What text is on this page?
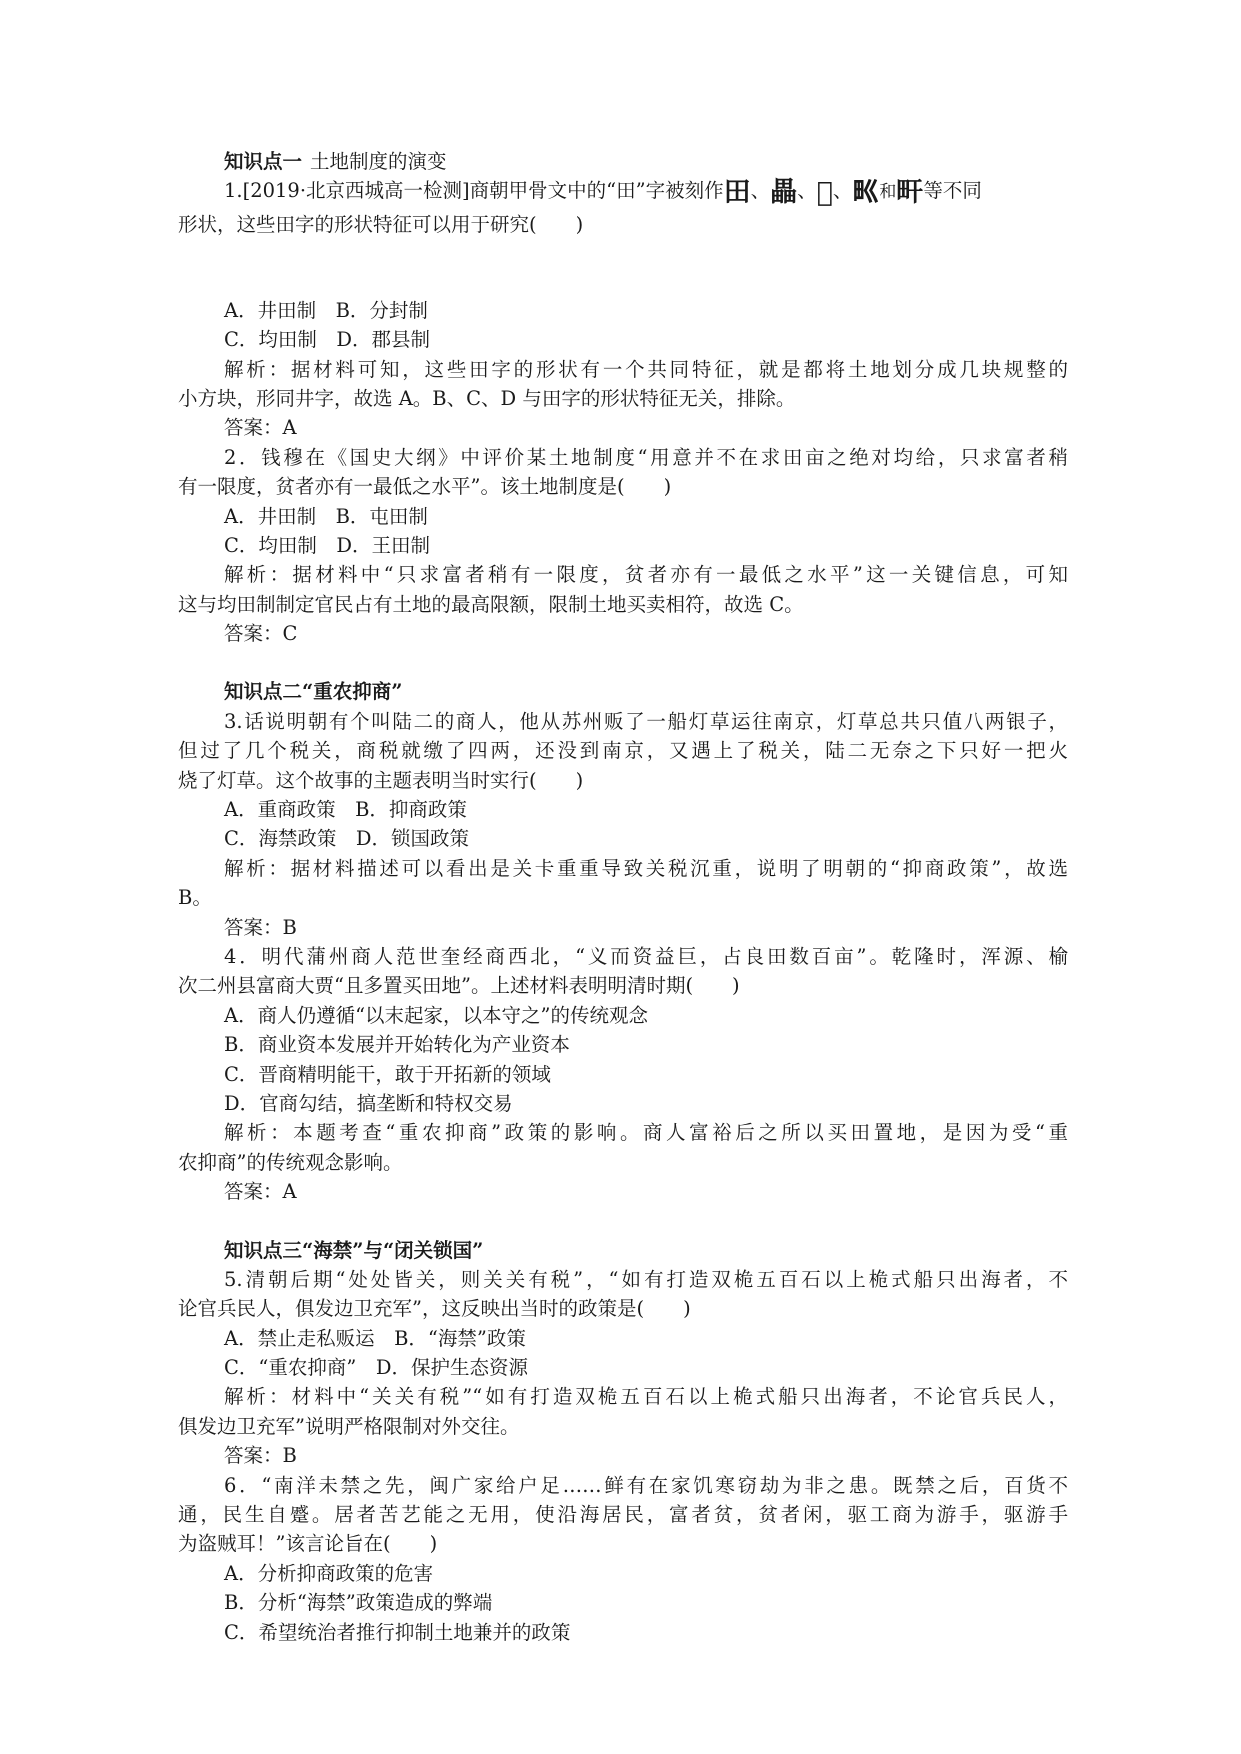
知识点一 土地制度的演变
1.[2019·北京西城高一检测]商朝甲骨文中的“田”字被刻作田、畾、𤰔、𤰕和𤰟等不同
形状，这些田字的形状特征可以用于研究(　　)
A．井田制　B．分封制
C．均田制　D．郡县制
解析：据材料可知，这些田字的形状有一个共同特征，就是都将土地划分成几块规整的
小方块，形同井字，故选 A。B、C、D 与田字的形状特征无关，排除。
答案：A
2．钱穆在《国史大纲》中评价某土地制度“用意并不在求田亩之绝对均给，只求富者稍
有一限度，贫者亦有一最低之水平”。该土地制度是(　　)
A．井田制　B．屯田制
C．均田制　D．王田制
解析：据材料中“只求富者稍有一限度，贫者亦有一最低之水平”这一关键信息，可知
这与均田制制定官民占有土地的最高限额，限制土地买卖相符，故选 C。
答案：C
知识点二“重农抑商”
3.话说明朝有个叫陆二的商人，他从苏州贩了一船灯草运往南京，灯草总共只值八两银子，
但过了几个税关，商税就缴了四两，还没到南京，又遇上了税关，陆二无奈之下只好一把火
烧了灯草。这个故事的主题表明当时实行(　　)
A．重商政策　B．抑商政策
C．海禁政策　D．锁国政策
解析：据材料描述可以看出是关卡重重导致关税沉重，说明了明朝的“抑商政策”，故选
B。
答案：B
4．明代蒲州商人范世奎经商西北，“义而资益巨，占良田数百亩”。乾隆时，浑源、榆
次二州县富商大贾“且多置买田地”。上述材料表明明清时期(　　)
A．商人仍遵循“以末起家，以本守之”的传统观念
B．商业资本发展并开始转化为产业资本
C．晋商精明能干，敢于开拓新的领域
D．官商勾结，搞垄断和特权交易
解析：本题考查“重农抑商”政策的影响。商人富裕后之所以买田置地，是因为受“重
农抑商”的传统观念影响。
答案：A
知识点三“海禁”与“闭关锁国”
5.清朝后期“处处皆关，则关关有税”，“如有打造双桅五百石以上桅式船只出海者，不
论官兵民人，俱发边卫充军”，这反映出当时的政策是(　　)
A．禁止走私贩运　B．“海禁”政策
C．“重农抑商”　D．保护生态资源
解析：材料中“关关有税”“如有打造双桅五百石以上桅式船只出海者，不论官兵民人，
俱发边卫充军”说明严格限制对外交往。
答案：B
6．“南洋未禁之先，闽广家给户足……鲜有在家饥寒窃劫为非之患。既禁之后，百货不
通，民生自蹙。居者苦艺能之无用，使沿海居民，富者贫，贫者闲，驱工商为游手，驱游手
为盗贼耳！”该言论旨在(　　)
A．分析抑商政策的危害
B．分析“海禁”政策造成的弊端
C．希望统治者推行抑制土地兼并的政策
